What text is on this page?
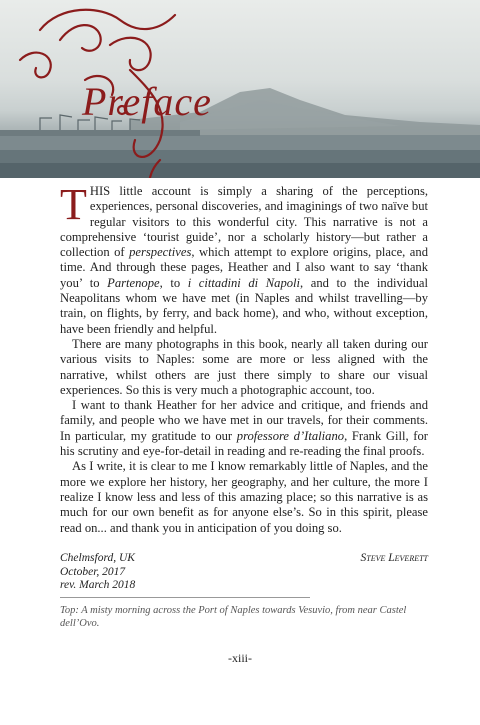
Preface

THIS little account is simply a sharing of the perceptions, experiences, personal discoveries, and imaginings of two naïve but regular visitors to this wonderful city. This narrative is not a comprehensive ‘tourist guide’, nor a scholarly history—but rather a collection of perspectives, which attempt to explore origins, place, and time. And through these pages, Heather and I also want to say ‘thank you’ to Partenope, to i cittadini di Napoli, and to the individual Neapolitans whom we have met (in Naples and whilst travelling—by train, on flights, by ferry, and back home), and who, without exception, have been friendly and helpful.

There are many photographs in this book, nearly all taken during our various visits to Naples: some are more or less aligned with the narrative, whilst others are just there simply to share our visual experiences. So this is very much a photographic account, too.

I want to thank Heather for her advice and critique, and friends and family, and people who we have met in our travels, for their comments. In particular, my gratitude to our professore d’Italiano, Frank Gill, for his scrutiny and eye-for-detail in reading and re-reading the final proofs.

As I write, it is clear to me I know remarkably little of Naples, and the more we explore her history, her geography, and her culture, the more I realize I know less and less of this amazing place; so this narrative is as much for our own benefit as for anyone else’s. So in this spirit, please read on... and thank you in anticipation of you doing so.

Chelmsford, UK
October, 2017
rev. March 2018
Steve Leverett
Top: A misty morning across the Port of Naples towards Vesuvio, from near Castel dell’Ovo.
-xiii-
